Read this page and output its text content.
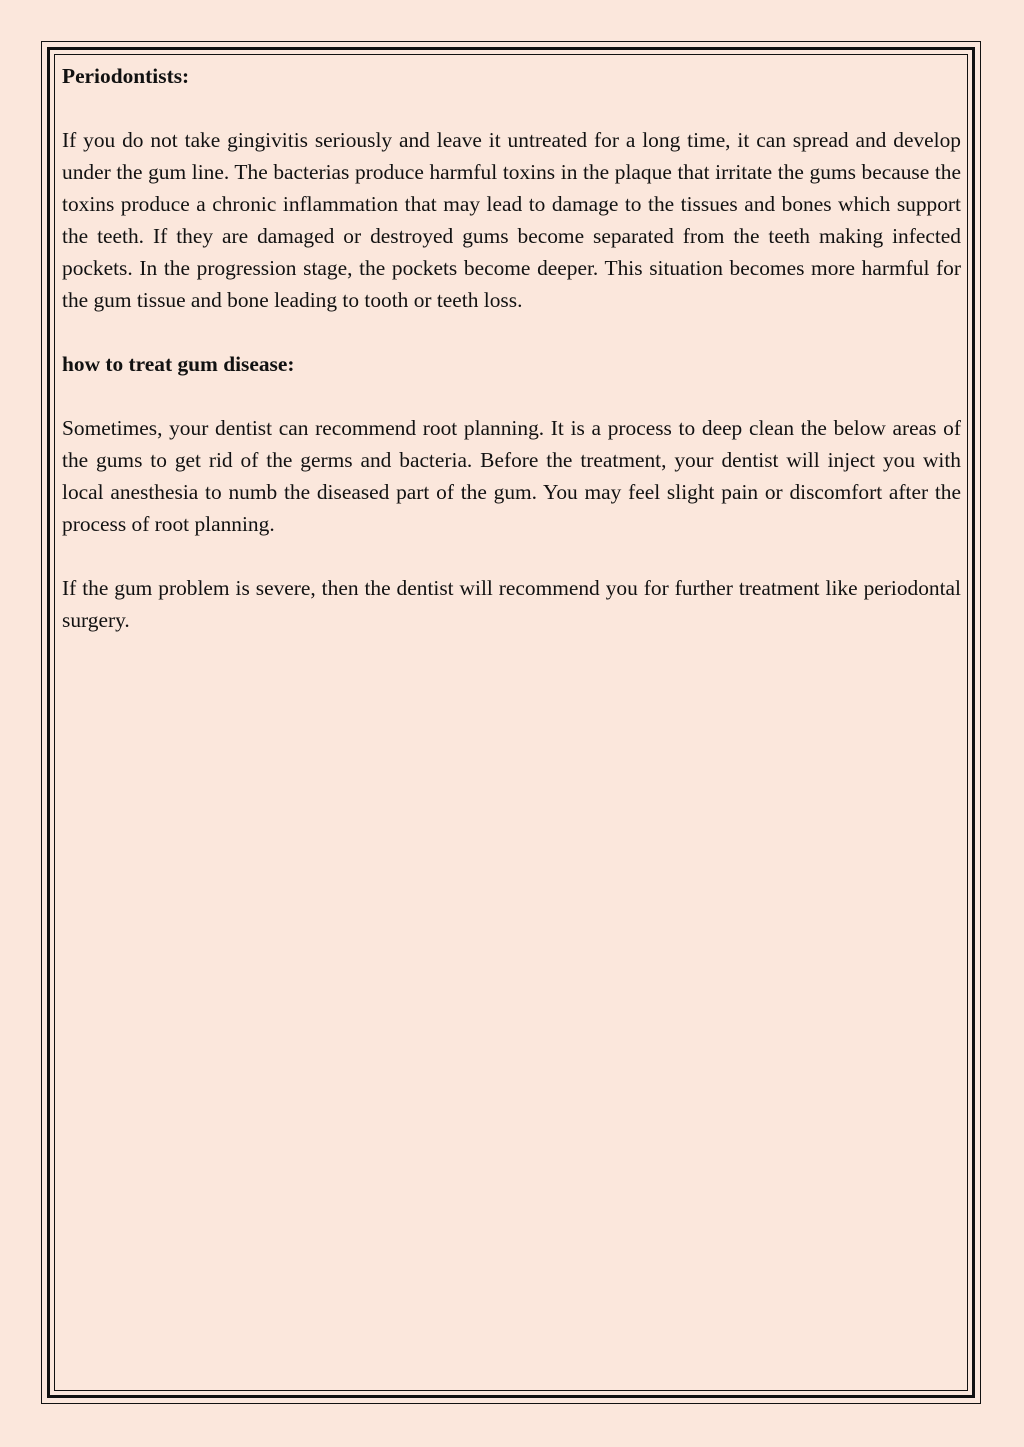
Periodontists:

If you do not take gingivitis seriously and leave it untreated for a long time, it can spread and develop under the gum line. The bacterias produce harmful toxins in the plaque that irritate the gums because the toxins produce a chronic inflammation that may lead to damage to the tissues and bones which support the teeth. If they are damaged or destroyed gums become separated from the teeth making infected pockets. In the progression stage, the pockets become deeper. This situation becomes more harmful for the gum tissue and bone leading to tooth or teeth loss.

how to treat gum disease:

Sometimes, your dentist can recommend root planning. It is a process to deep clean the below areas of the gums to get rid of the germs and bacteria. Before the treatment, your dentist will inject you with local anesthesia to numb the diseased part of the gum. You may feel slight pain or discomfort after the process of root planning.

If the gum problem is severe, then the dentist will recommend you for further treatment like periodontal surgery.
